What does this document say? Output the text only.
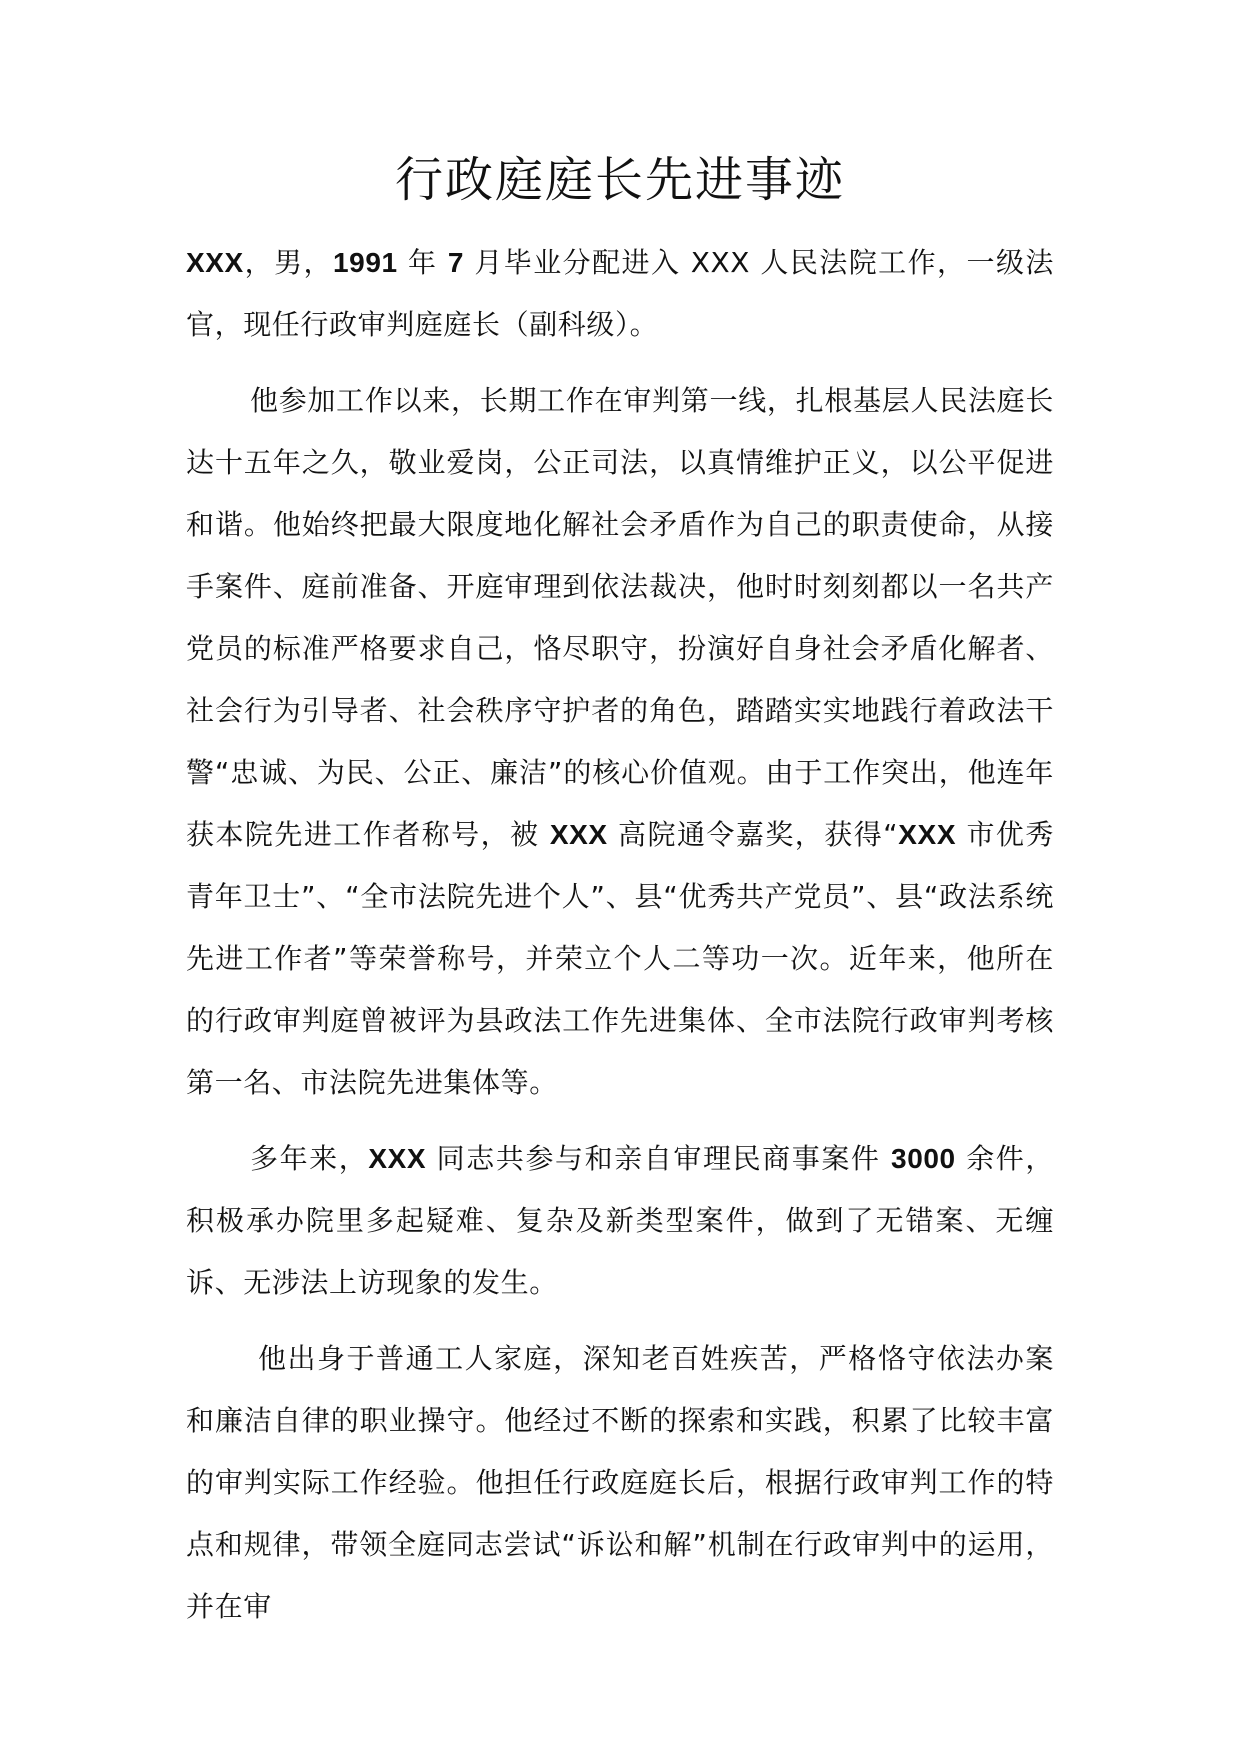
行政庭庭长先进事迹

XXX，男，1991 年 7 月毕业分配进入 XXX 人民法院工作，一级法官，现任行政审判庭庭长（副科级）。

他参加工作以来，长期工作在审判第一线，扎根基层人民法庭长达十五年之久，敬业爱岗，公正司法，以真情维护正义，以公平促进和谐。他始终把最大限度地化解社会矛盾作为自己的职责使命，从接手案件、庭前准备、开庭审理到依法裁决，他时时刻刻都以一名共产党员的标准严格要求自己，恪尽职守，扮演好自身社会矛盾化解者、社会行为引导者、社会秩序守护者的角色，踏踏实实地践行着政法干警“忠诚、为民、公正、廉洁”的核心价值观。由于工作突出，他连年获本院先进工作者称号，被 XXX 高院通令嘉奖，获得“XXX 市优秀青年卫士”、“全市法院先进个人”、县“优秀共产党员”、县“政法系统先进工作者”等荣誉称号，并荣立个人二等功一次。近年来，他所在的行政审判庭曾被评为县政法工作先进集体、全市法院行政审判考核第一名、市法院先进集体等。

多年来，XXX 同志共参与和亲自审理民商事案件 3000 余件，积极承办院里多起疑难、复杂及新类型案件，做到了无错案、无缠诉、无涉法上访现象的发生。

他出身于普通工人家庭，深知老百姓疾苦，严格恪守依法办案和廉洁自律的职业操守。他经过不断的探索和实践，积累了比较丰富的审判实际工作经验。他担任行政庭庭长后，根据行政审判工作的特点和规律，带领全庭同志尝试“诉讼和解”机制在行政审判中的运用，并在审
